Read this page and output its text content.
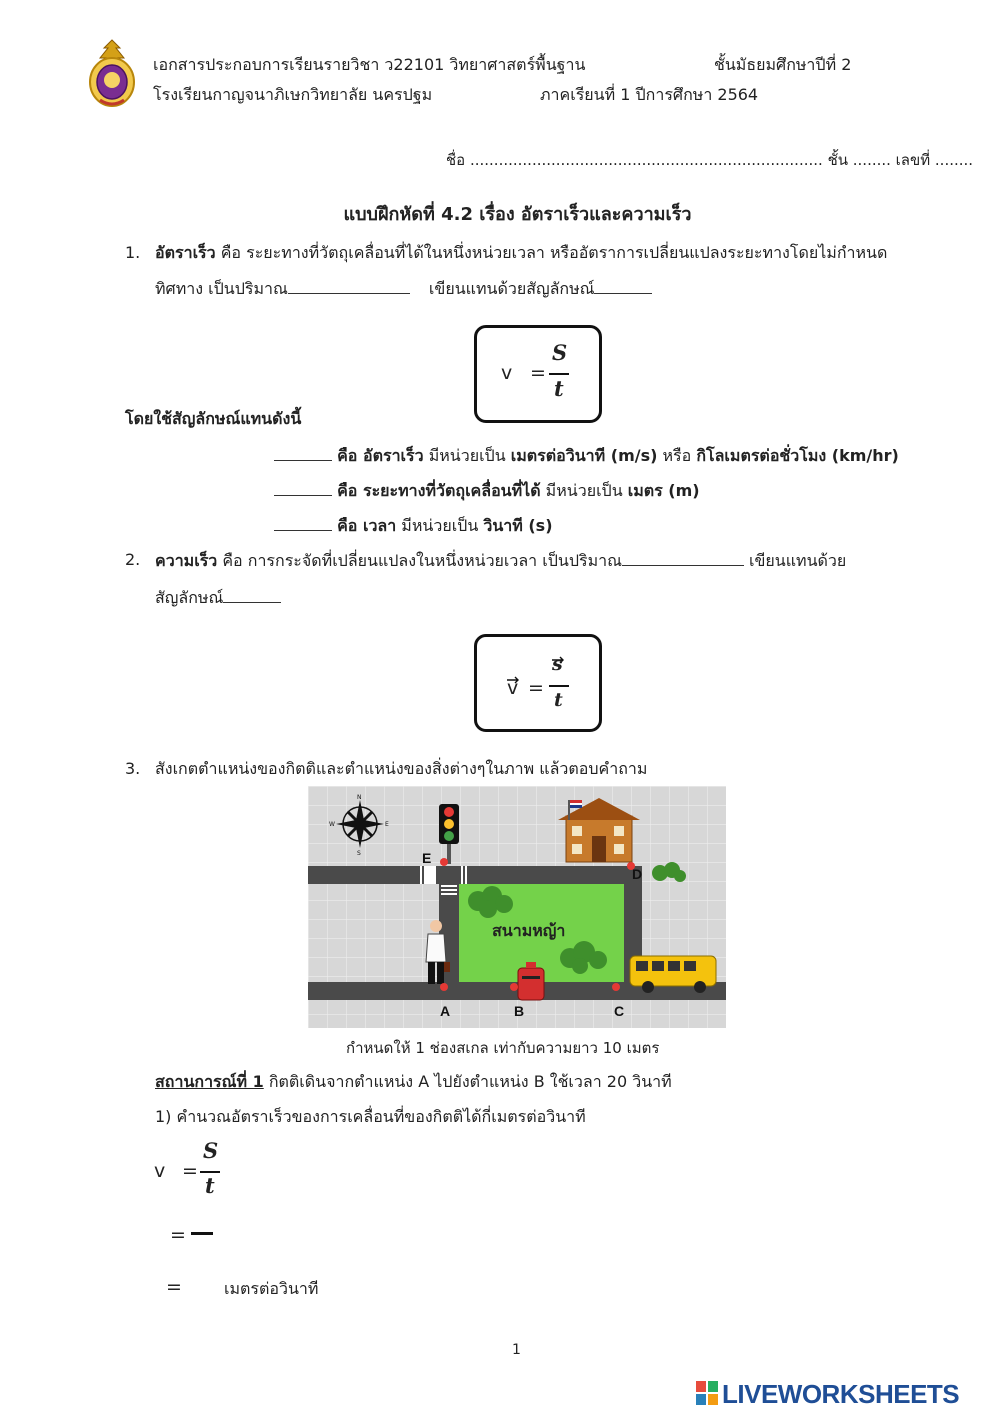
เอกสารประกอบการเรียนรายวิชา ว22101 วิทยาศาสตร์พื้นฐาน	ชั้นมัธยมศึกษาปีที่ 2
โรงเรียนกาญจนาภิเษกวิทยาลัย นครปฐม	ภาคเรียนที่ 1 ปีการศึกษา 2564
ชื่อ .......................................................................... ชั้น ........ เลขที่ ........
แบบฝึกหัดที่ 4.2 เรื่อง อัตราเร็วและความเร็ว
1. อัตราเร็ว คือ ระยะทางที่วัตถุเคลื่อนที่ได้ในหนึ่งหน่วยเวลา หรืออัตราการเปลี่ยนแปลงระยะทางโดยไม่กำหนด
ทิศทาง เป็นปริมาณ	เขียนแทนด้วยสัญลักษณ์
v =
S
t
โดยใช้สัญลักษณ์แทนดังนี้
คือ อัตราเร็ว มีหน่วยเป็น เมตรต่อวินาที (m/s) หรือ กิโลเมตรต่อชั่วโมง (km/hr)
คือ ระยะทางที่วัตถุเคลื่อนที่ได้ มีหน่วยเป็น เมตร (m)
คือ เวลา มีหน่วยเป็น วินาที (s)
2. ความเร็ว คือ การกระจัดที่เปลี่ยนแปลงในหนึ่งหน่วยเวลา เป็นปริมาณ	เขียนแทนด้วย
สัญลักษณ์
v =
s
t
3. สังเกตตำแหน่งของกิตติและตำแหน่งของสิ่งต่างๆในภาพ แล้วตอบคำถาม
สนามหญ้า
N
S
E
W
A	B	C
D
E
กำหนดให้ 1 ช่องสเกล เท่ากับความยาว 10 เมตร
สถานการณ์ที่ 1 กิตติเดินจากตำแหน่ง A ไปยังตำแหน่ง B ใช้เวลา 20 วินาที
1) คำนวณอัตราเร็วของการเคลื่อนที่ของกิตติได้กี่เมตรต่อวินาที
v =
S
t
=
=	เมตรต่อวินาที
1
LIVEWORKSHEETS
